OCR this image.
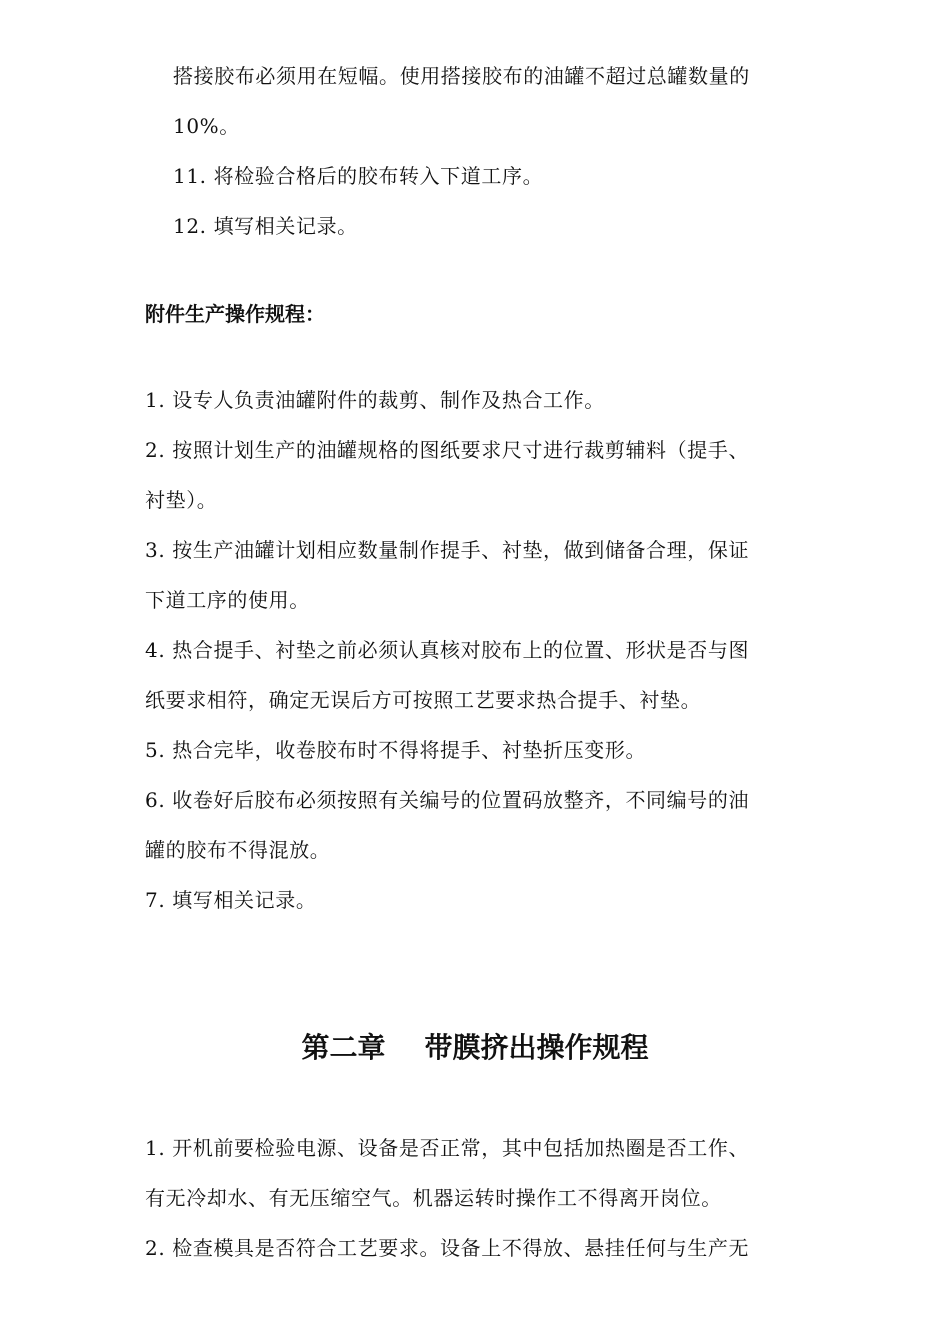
搭接胶布必须用在短幅。使用搭接胶布的油罐不超过总罐数量的
10%。
11. 将检验合格后的胶布转入下道工序。
12. 填写相关记录。
附件生产操作规程：
1. 设专人负责油罐附件的裁剪、制作及热合工作。
2. 按照计划生产的油罐规格的图纸要求尺寸进行裁剪辅料（提手、
衬垫）。
3. 按生产油罐计划相应数量制作提手、衬垫，做到储备合理，保证
下道工序的使用。
4. 热合提手、衬垫之前必须认真核对胶布上的位置、形状是否与图
纸要求相符，确定无误后方可按照工艺要求热合提手、衬垫。
5. 热合完毕，收卷胶布时不得将提手、衬垫折压变形。
6. 收卷好后胶布必须按照有关编号的位置码放整齐，不同编号的油
罐的胶布不得混放。
7. 填写相关记录。
第二章    带膜挤出操作规程
1. 开机前要检验电源、设备是否正常，其中包括加热圈是否工作、
有无冷却水、有无压缩空气。机器运转时操作工不得离开岗位。
2. 检查模具是否符合工艺要求。设备上不得放、悬挂任何与生产无
